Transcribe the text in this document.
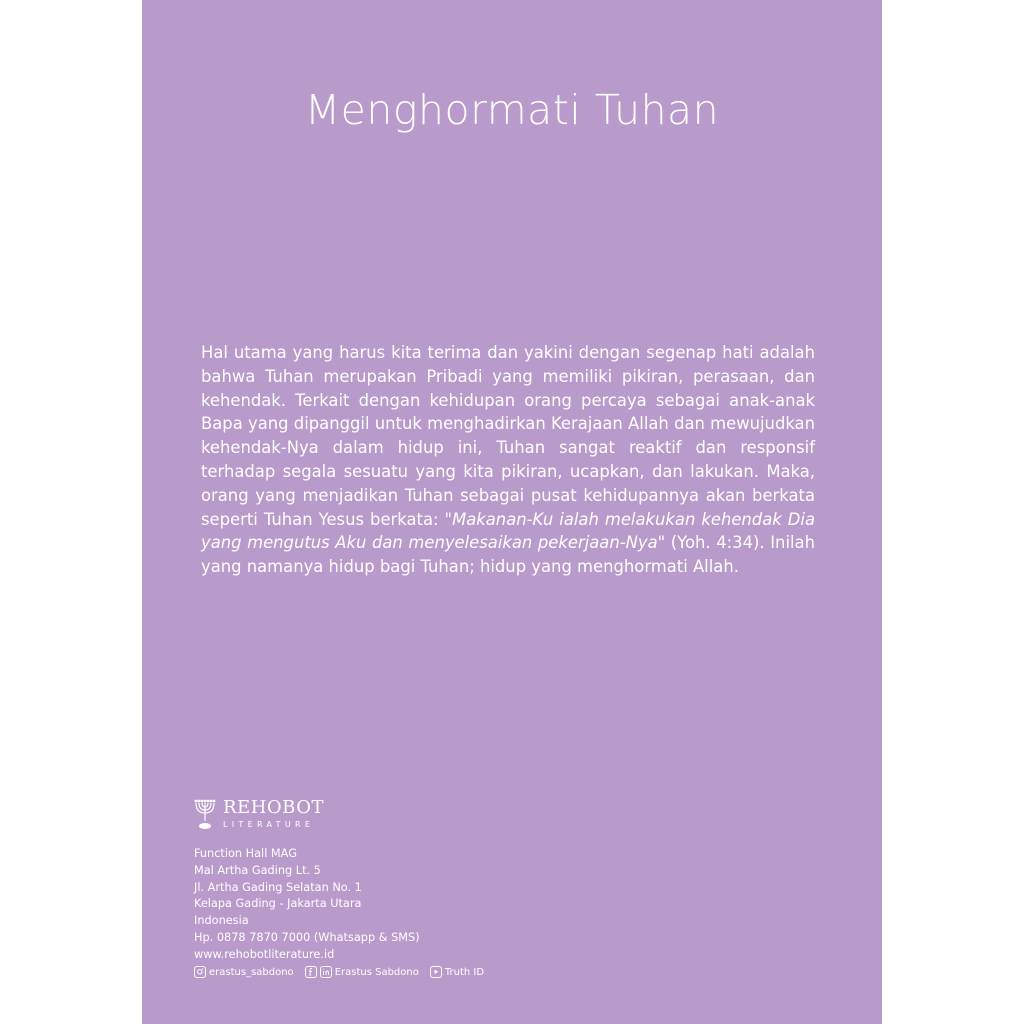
Menghormati Tuhan
Hal utama yang harus kita terima dan yakini dengan segenap hati adalah bahwa Tuhan merupakan Pribadi yang memiliki pikiran, perasaan, dan kehendak. Terkait dengan kehidupan orang percaya sebagai anak-anak Bapa yang dipanggil untuk menghadirkan Kerajaan Allah dan mewujudkan kehendak-Nya dalam hidup ini, Tuhan sangat reaktif dan responsif terhadap segala sesuatu yang kita pikiran, ucapkan, dan lakukan. Maka, orang yang menjadikan Tuhan sebagai pusat kehidupannya akan berkata seperti Tuhan Yesus berkata: "Makanan-Ku ialah melakukan kehendak Dia yang mengutus Aku dan menyelesaikan pekerjaan-Nya" (Yoh. 4:34). Inilah yang namanya hidup bagi Tuhan; hidup yang menghormati Allah.
REHOBOT
LITERATURE
Function Hall MAG
Mal Artha Gading Lt. 5
Jl. Artha Gading Selatan No. 1
Kelapa Gading - Jakarta Utara
Indonesia
Hp. 0878 7870 7000 (Whatsapp & SMS)
www.rehobotliterature.id
erastus_sabdono	Erastus Sabdono	Truth ID
